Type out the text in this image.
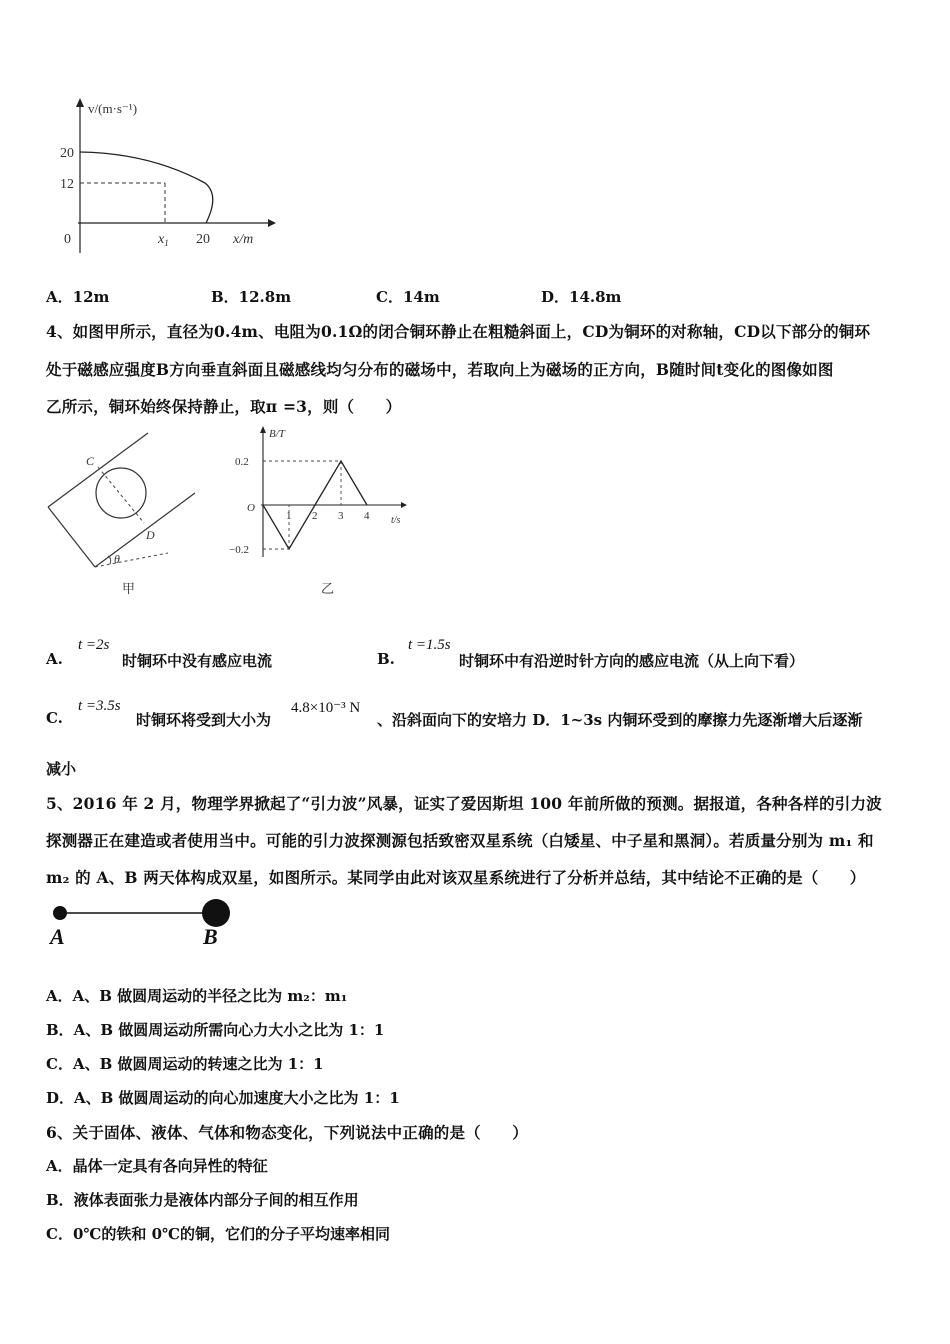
v/(m·s⁻¹)
20
12
0	$x_1$ 20 x/m
A．12m	B．12.8m	C．14m	D．14.8m
4、如图甲所示，直径为0.4m、电阻为0.1Ω的闭合铜环静止在粗糙斜面上，CD为铜环的对称轴，CD以下部分的铜环
处于磁感应强度B方向垂直斜面且磁感线均匀分布的磁场中，若取向上为磁场的正方向，B随时间t变化的图像如图
乙所示，铜环始终保持静止，取π =3，则（　　）
C
D
θ
甲
1 2 3 4
B/T
0.2
−0.2
O
t/s
乙
A.
t =2s
时铜环中没有感应电流	B.
t =1.5s
时铜环中有沿逆时针方向的感应电流（从上向下看）
C.
t =3.5s
时铜环将受到大小为
4.8×10⁻³ N
、沿斜面向下的安培力 D．1~3s 内铜环受到的摩擦力先逐渐增大后逐渐
减小
5、2016 年 2 月，物理学界掀起了“引力波”风暴，证实了爱因斯坦 100 年前所做的预测。据报道，各种各样的引力波
探测器正在建造或者使用当中。可能的引力波探测源包括致密双星系统（白矮星、中子星和黑洞）。若质量分别为 m₁ 和
m₂ 的 A、B 两天体构成双星，如图所示。某同学由此对该双星系统进行了分析并总结，其中结论不正确的是（　　）
A	B
A．A、B 做圆周运动的半径之比为 m₂：m₁
B．A、B 做圆周运动所需向心力大小之比为 1：1
C．A、B 做圆周运动的转速之比为 1：1
D．A、B 做圆周运动的向心加速度大小之比为 1：1
6、关于固体、液体、气体和物态变化，下列说法中正确的是（　　）
A．晶体一定具有各向异性的特征
B．液体表面张力是液体内部分子间的相互作用
C．0℃的铁和 0℃的铜，它们的分子平均速率相同
